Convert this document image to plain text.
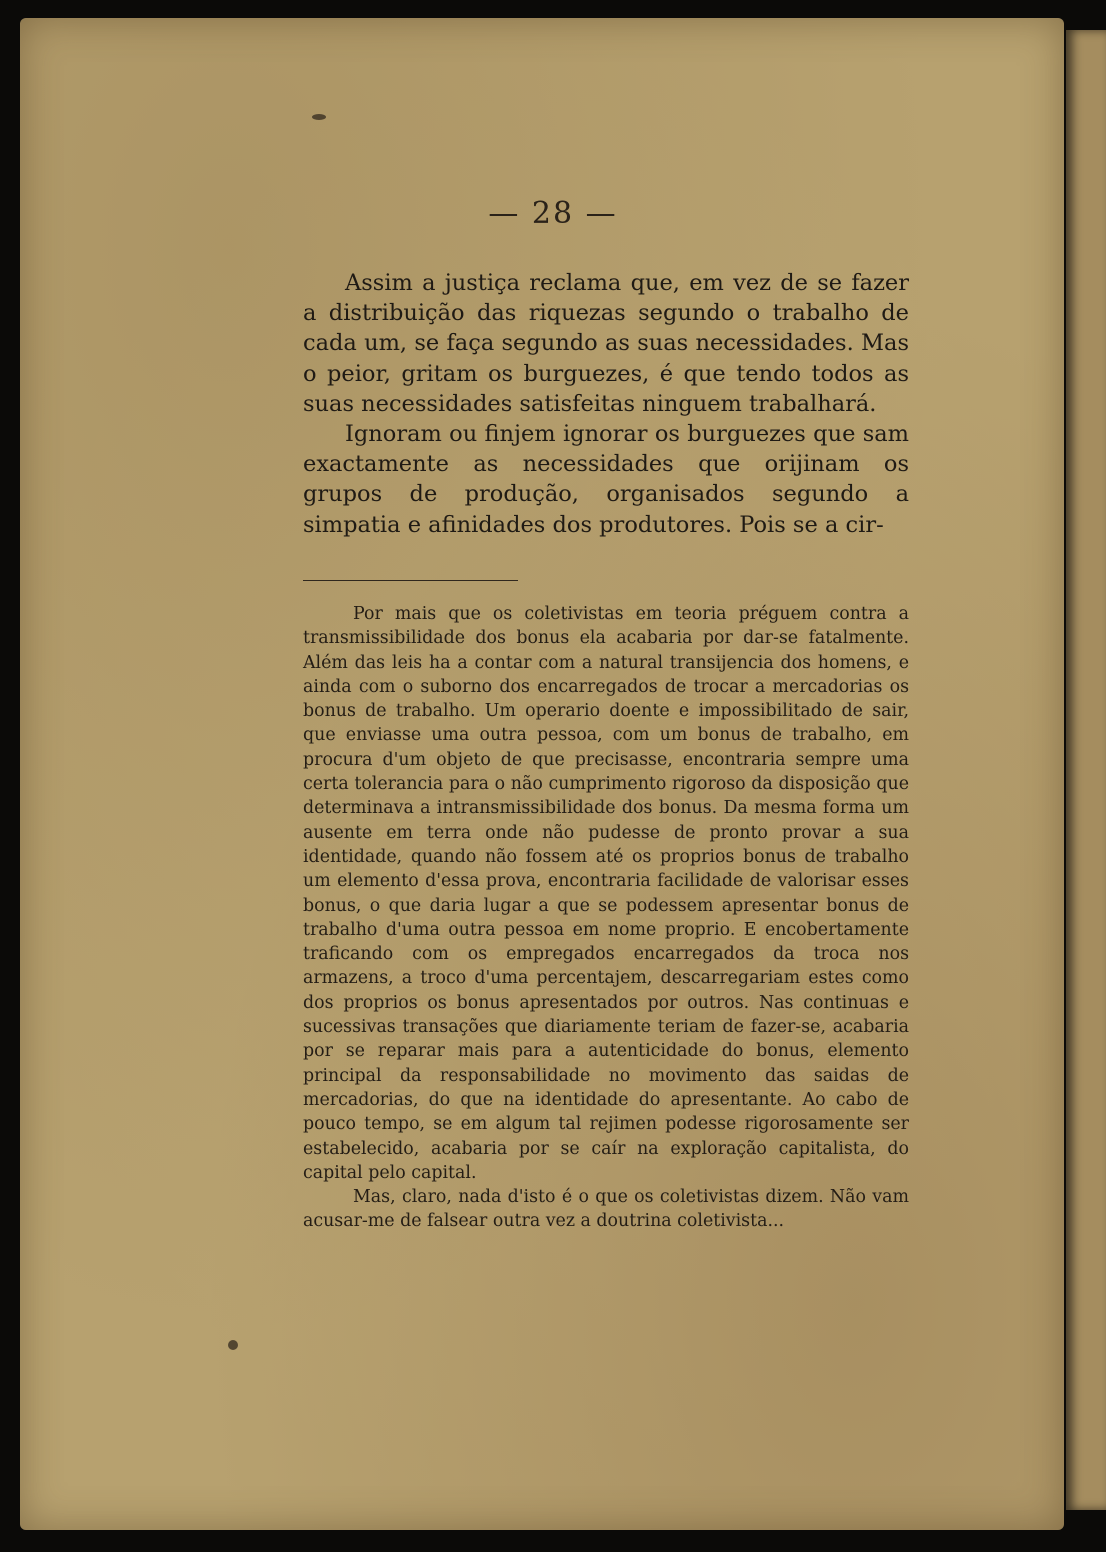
— 28 —

Assim a justiça reclama que, em vez de se fazer a distribuição das riquezas segundo o trabalho de cada um, se faça segundo as suas necessidades. Mas o peior, gritam os burguezes, é que tendo todos as suas necessidades satisfeitas ninguem trabalhará.

Ignoram ou finjem ignorar os burguezes que sam exactamente as necessidades que orijinam os grupos de produção, organisados segundo a simpatia e afinidades dos produtores. Pois se a cir-

Por mais que os coletivistas em teoria préguem contra a transmissibilidade dos bonus ela acabaria por dar-se fatalmente. Além das leis ha a contar com a natural transijencia dos homens, e ainda com o suborno dos encarregados de trocar a mercadorias os bonus de trabalho. Um operario doente e impossibilitado de sair, que enviasse uma outra pessoa, com um bonus de trabalho, em procura d'um objeto de que precisasse, encontraria sempre uma certa tolerancia para o não cumprimento rigoroso da disposição que determinava a intransmissibilidade dos bonus. Da mesma forma um ausente em terra onde não pudesse de pronto provar a sua identidade, quando não fossem até os proprios bonus de trabalho um elemento d'essa prova, encontraria facilidade de valorisar esses bonus, o que daria lugar a que se podessem apresentar bonus de trabalho d'uma outra pessoa em nome proprio. E encobertamente traficando com os empregados encarregados da troca nos armazens, a troco d'uma percentajem, descarregariam estes como dos proprios os bonus apresentados por outros. Nas continuas e sucessivas transações que diariamente teriam de fazer-se, acabaria por se reparar mais para a autenticidade do bonus, elemento principal da responsabilidade no movimento das saidas de mercadorias, do que na identidade do apresentante. Ao cabo de pouco tempo, se em algum tal rejimen podesse rigorosamente ser estabelecido, acabaria por se caír na exploração capitalista, do capital pelo capital.

Mas, claro, nada d'isto é o que os coletivistas dizem. Não vam acusar-me de falsear outra vez a doutrina coletivista...
